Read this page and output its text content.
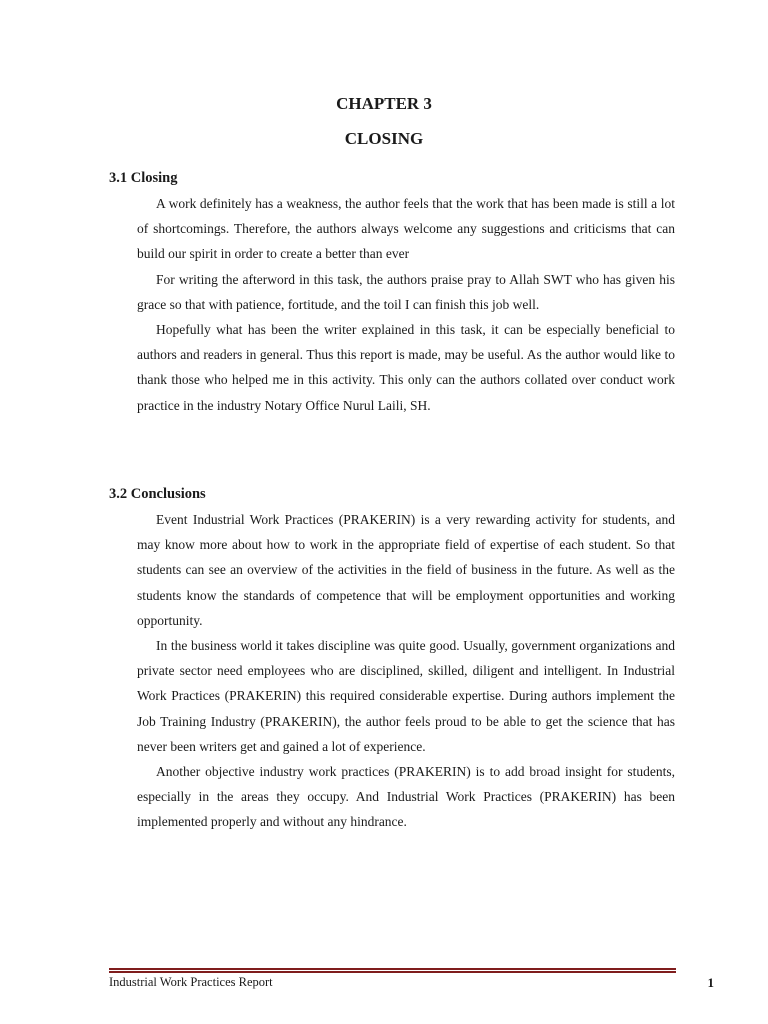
CHAPTER 3

CLOSING

3.1 Closing

A work definitely has a weakness, the author feels that the work that has been made is still a lot of shortcomings. Therefore, the authors always welcome any suggestions and criticisms that can build our spirit in order to create a better than ever

For writing the afterword in this task, the authors praise pray to Allah SWT who has given his grace so that with patience, fortitude, and the toil I can finish this job well.

Hopefully what has been the writer explained in this task, it can be especially beneficial to authors and readers in general. Thus this report is made, may be useful. As the author would like to thank those who helped me in this activity. This only can the authors collated over conduct work practice in the industry Notary Office Nurul Laili, SH.

3.2 Conclusions

Event Industrial Work Practices (PRAKERIN) is a very rewarding activity for students, and may know more about how to work in the appropriate field of expertise of each student. So that students can see an overview of the activities in the field of business in the future. As well as the students know the standards of competence that will be employment opportunities and working opportunity.

In the business world it takes discipline was quite good. Usually, government organizations and private sector need employees who are disciplined, skilled, diligent and intelligent. In Industrial Work Practices (PRAKERIN) this required considerable expertise. During authors implement the Job Training Industry (PRAKERIN), the author feels proud to be able to get the science that has never been writers get and gained a lot of experience.

Another objective industry work practices (PRAKERIN) is to add broad insight for students, especially in the areas they occupy. And Industrial Work Practices (PRAKERIN) has been implemented properly and without any hindrance.

Industrial Work Practices Report	1
